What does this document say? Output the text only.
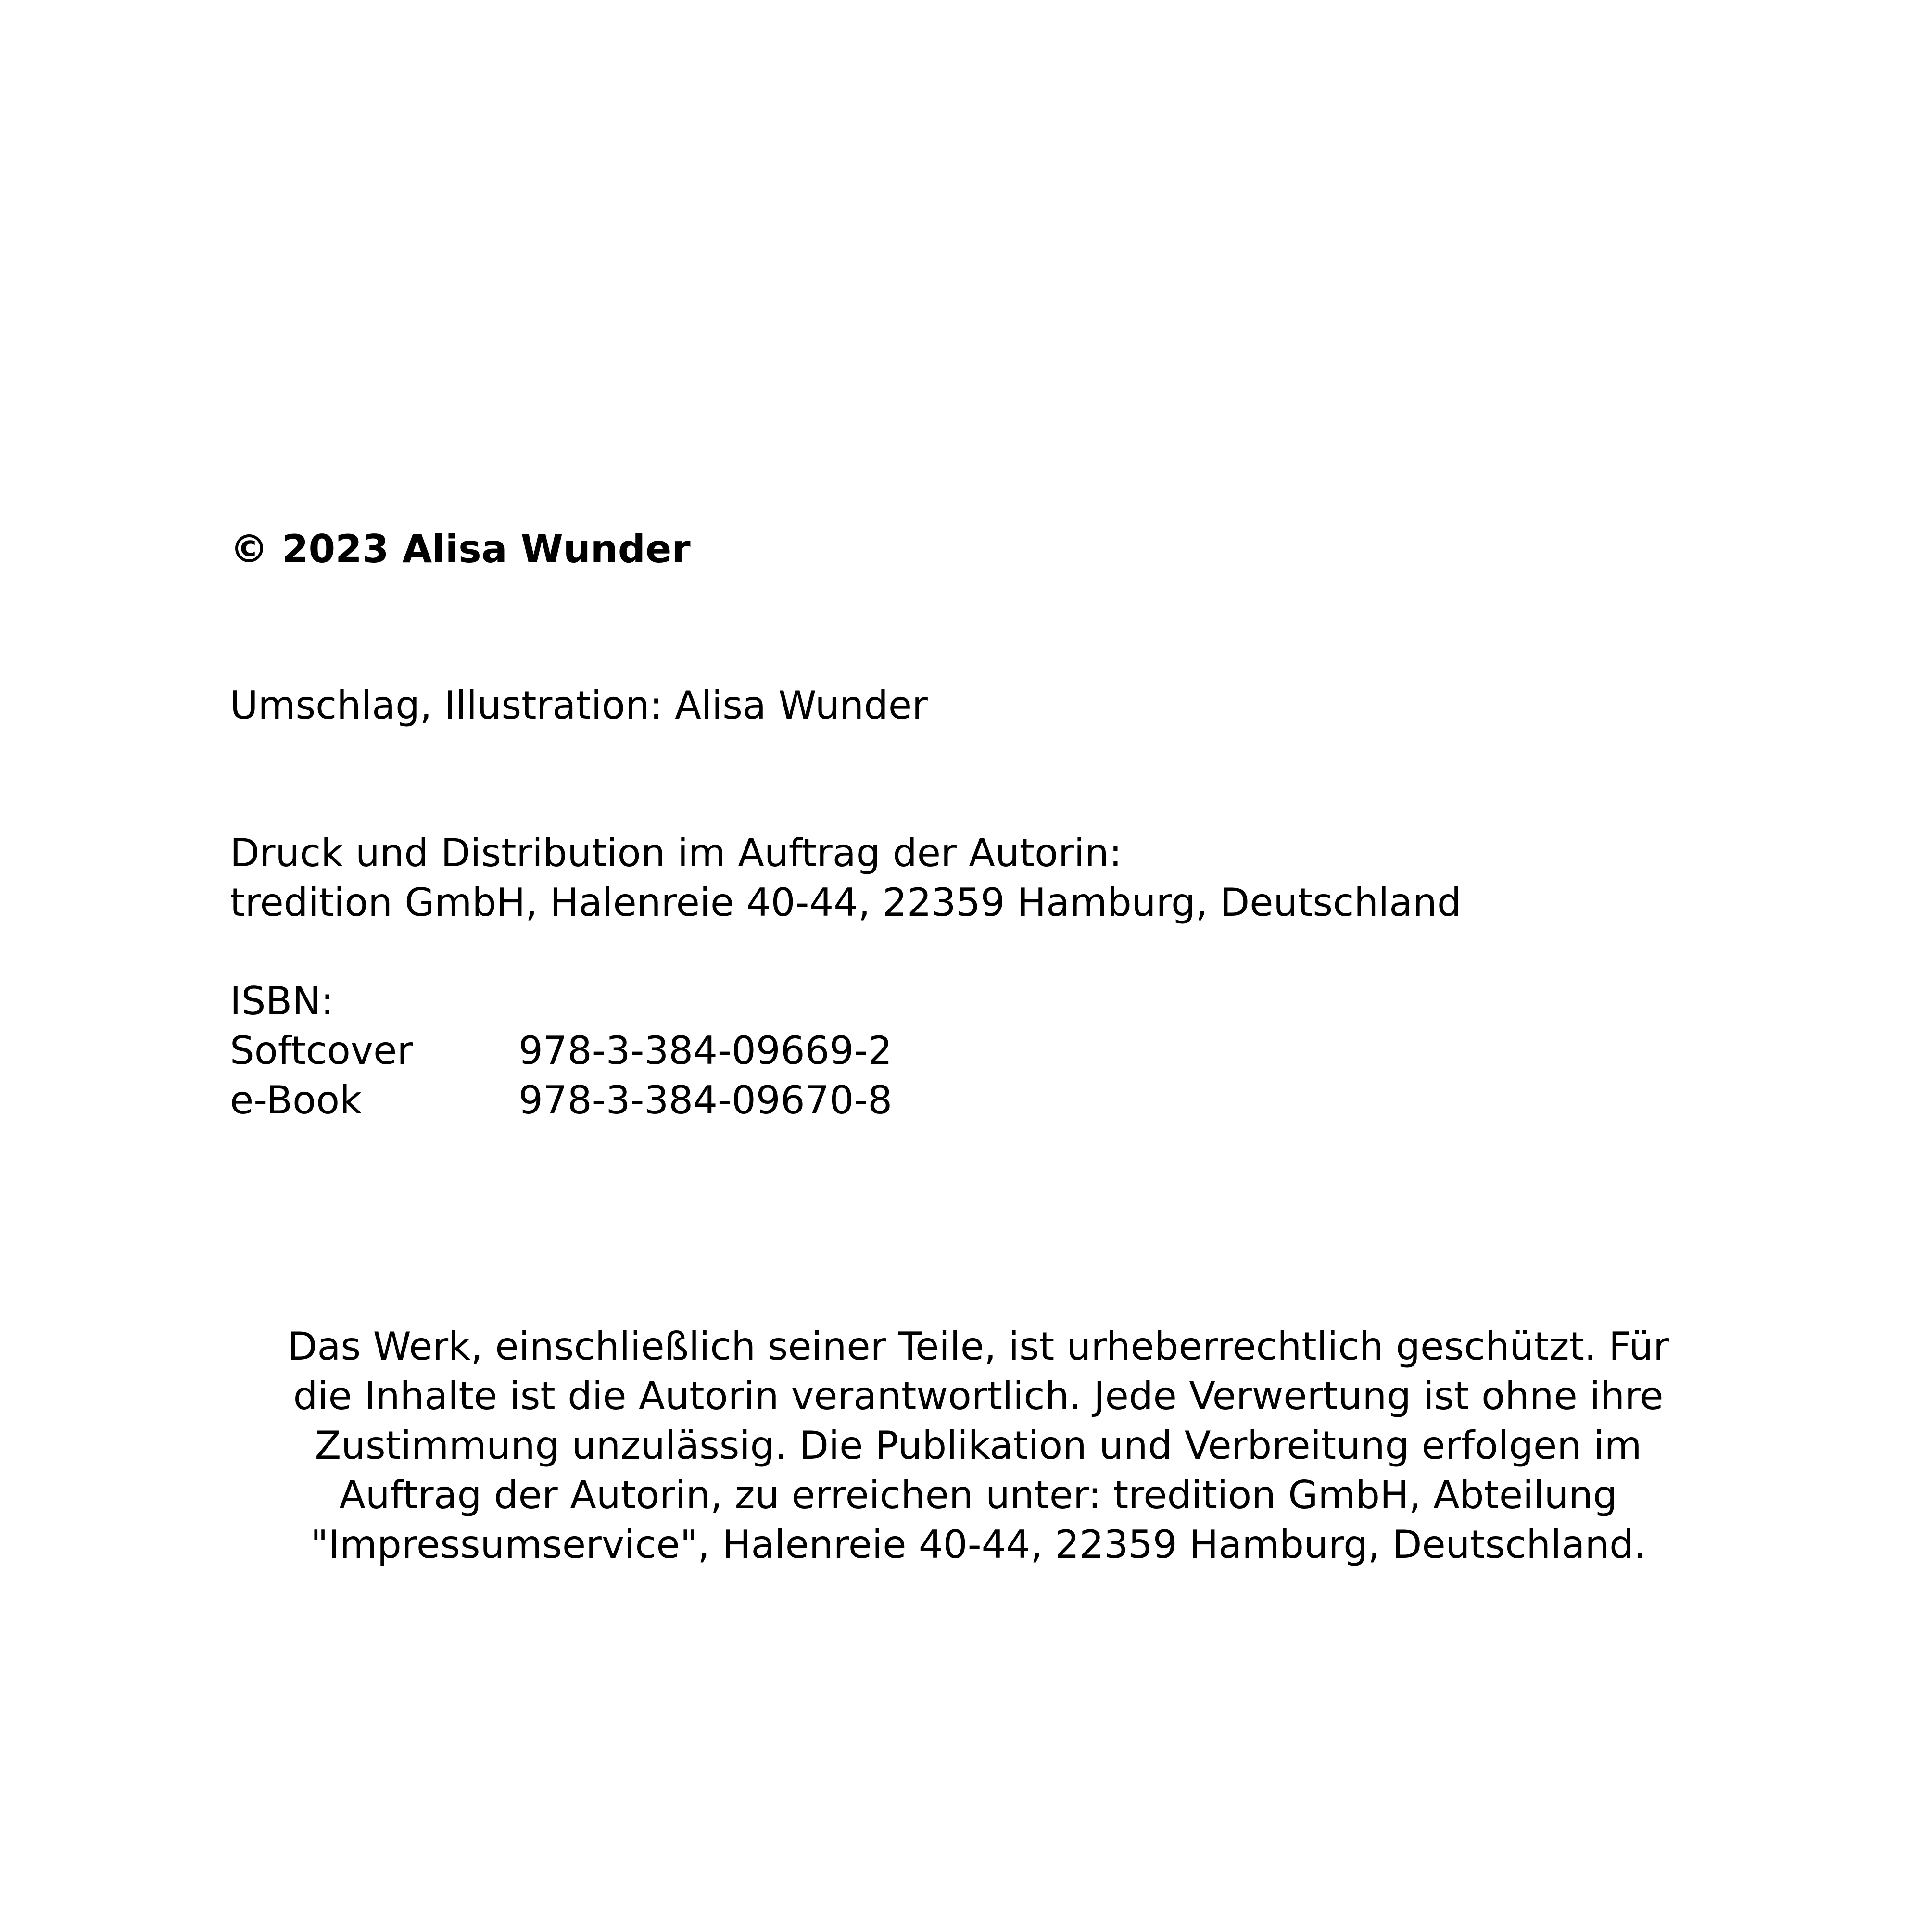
© 2023 Alisa Wunder
Umschlag, Illustration: Alisa Wunder
Druck und Distribution im Auftrag der Autorin:
tredition GmbH, Halenreie 40-44, 22359 Hamburg, Deutschland
ISBN:
Softcover	978-3-384-09669-2
e-Book	978-3-384-09670-8
Das Werk, einschließlich seiner Teile, ist urheberrechtlich geschützt. Für
die Inhalte ist die Autorin verantwortlich. Jede Verwertung ist ohne ihre
Zustimmung unzulässig. Die Publikation und Verbreitung erfolgen im
Auftrag der Autorin, zu erreichen unter: tredition GmbH, Abteilung
"Impressumservice", Halenreie 40-44, 22359 Hamburg, Deutschland.
